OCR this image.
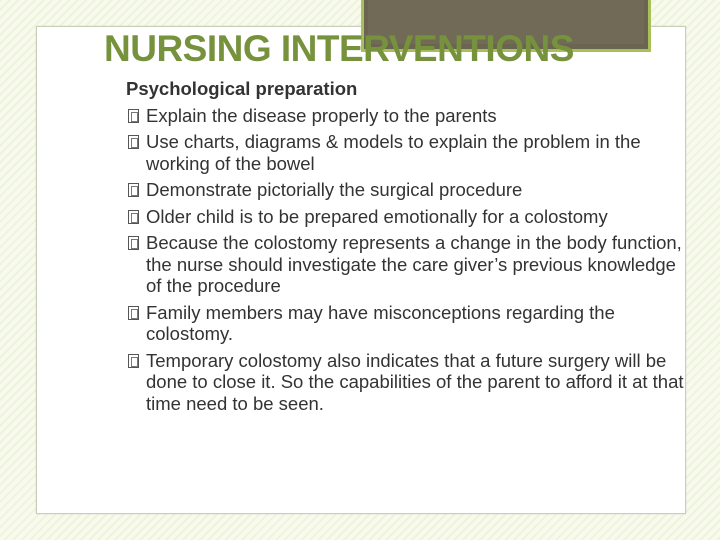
NURSING INTERVENTIONS
Psychological preparation
Explain the disease properly to the parents
Use charts, diagrams & models to explain the problem in the working of the bowel
Demonstrate pictorially the surgical procedure
Older child is to be prepared emotionally for a colostomy
Because the colostomy represents a change in the body function, the nurse should investigate the care giver’s previous knowledge of the procedure
Family members may have misconceptions regarding the colostomy.
Temporary colostomy also indicates that a future surgery will be done to close it. So the capabilities of the parent to afford it at that time need to be seen.
